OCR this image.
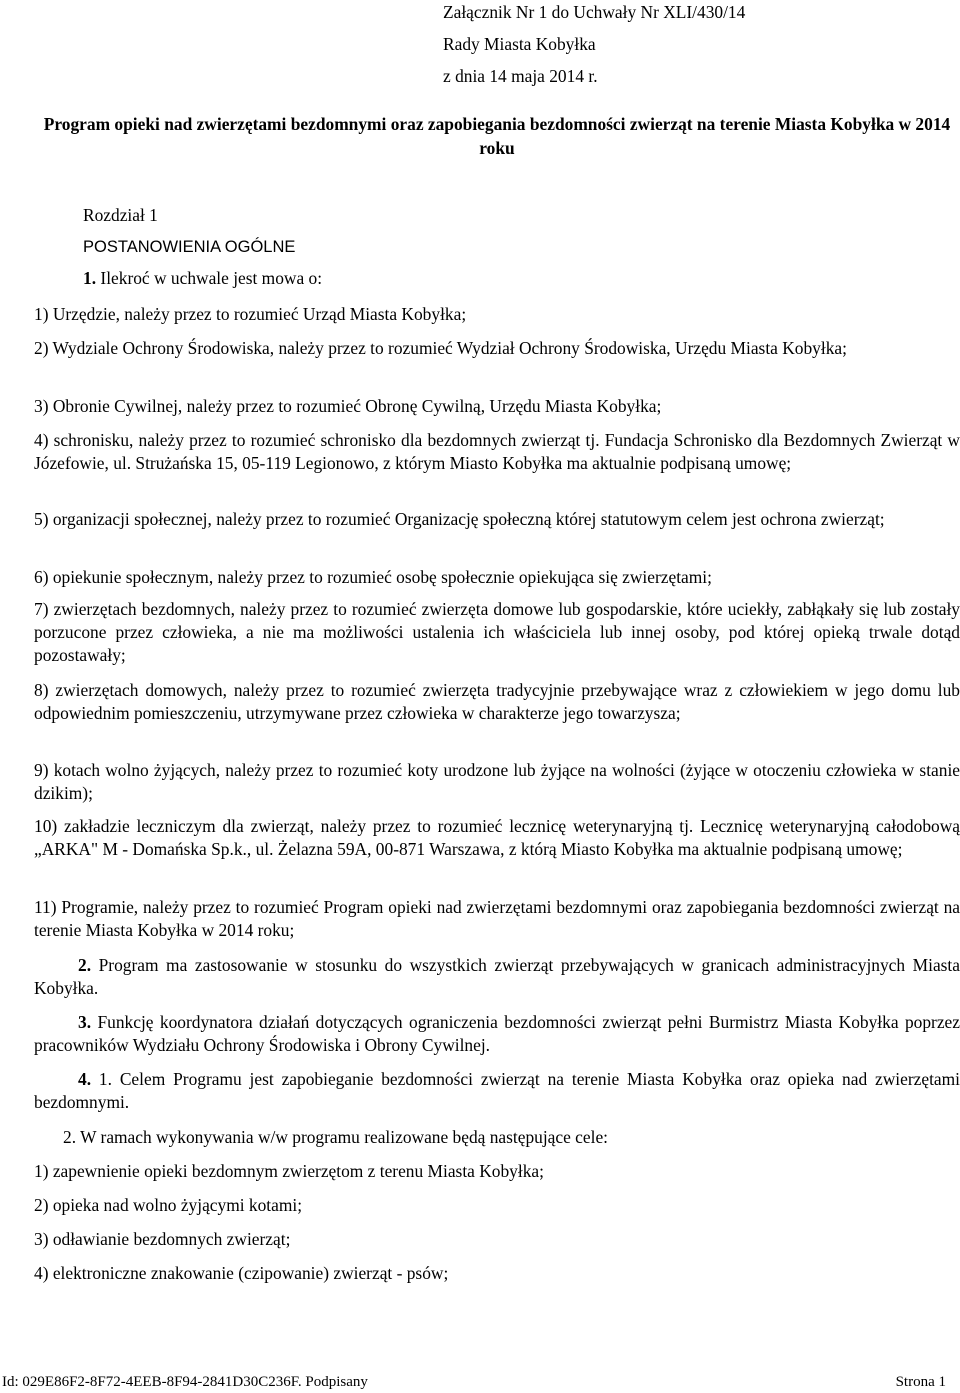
Załącznik Nr 1 do Uchwały Nr XLI/430/14
Rady Miasta Kobyłka
z dnia 14 maja 2014 r.
Program opieki nad zwierzętami bezdomnymi oraz zapobiegania bezdomności zwierząt na terenie Miasta Kobyłka w 2014 roku
Rozdział 1
POSTANOWIENIA OGÓLNE
1. Ilekroć w uchwale jest mowa o:
1) Urzędzie, należy przez to rozumieć Urząd Miasta Kobyłka;
2) Wydziale Ochrony Środowiska, należy przez to rozumieć Wydział Ochrony Środowiska, Urzędu Miasta Kobyłka;
3) Obronie Cywilnej, należy przez to rozumieć Obronę Cywilną, Urzędu Miasta Kobyłka;
4) schronisku, należy przez to rozumieć schronisko dla bezdomnych zwierząt tj. Fundacja Schronisko dla Bezdomnych Zwierząt w Józefowie, ul. Strużańska 15, 05-119 Legionowo, z którym Miasto Kobyłka ma aktualnie podpisaną umowę;
5) organizacji społecznej, należy przez to rozumieć Organizację społeczną której statutowym celem jest ochrona zwierząt;
6) opiekunie społecznym, należy przez to rozumieć osobę społecznie opiekująca się zwierzętami;
7) zwierzętach bezdomnych, należy przez to rozumieć zwierzęta domowe lub gospodarskie, które uciekły, zabłąkały się lub zostały porzucone przez człowieka, a nie ma możliwości ustalenia ich właściciela lub innej osoby, pod której opieką trwale dotąd pozostawały;
8) zwierzętach domowych, należy przez to rozumieć zwierzęta tradycyjnie przebywające wraz z człowiekiem w jego domu lub odpowiednim pomieszczeniu, utrzymywane przez człowieka w charakterze jego towarzysza;
9) kotach wolno żyjących, należy przez to rozumieć koty urodzone lub żyjące na wolności (żyjące w otoczeniu człowieka w stanie dzikim);
10) zakładzie leczniczym dla zwierząt, należy przez to rozumieć lecznicę weterynaryjną tj. Lecznicę weterynaryjną całodobową „ARKA" M - Domańska Sp.k., ul. Żelazna 59A, 00-871 Warszawa, z którą Miasto Kobyłka ma aktualnie podpisaną umowę;
11) Programie, należy przez to rozumieć Program opieki nad zwierzętami bezdomnymi oraz zapobiegania bezdomności zwierząt na terenie Miasta Kobyłka w 2014 roku;
2. Program ma zastosowanie w stosunku do wszystkich zwierząt przebywających w granicach administracyjnych Miasta Kobyłka.
3. Funkcję koordynatora działań dotyczących ograniczenia bezdomności zwierząt pełni Burmistrz Miasta Kobyłka poprzez pracowników Wydziału Ochrony Środowiska i Obrony Cywilnej.
4. 1. Celem Programu jest zapobieganie bezdomności zwierząt na terenie Miasta Kobyłka oraz opieka nad zwierzętami bezdomnymi.
2. W ramach wykonywania w/w programu realizowane będą następujące cele:
1) zapewnienie opieki bezdomnym zwierzętom z terenu Miasta Kobyłka;
2) opieka nad wolno żyjącymi kotami;
3) odławianie bezdomnych zwierząt;
4) elektroniczne znakowanie (czipowanie) zwierząt - psów;
Id: 029E86F2-8F72-4EEB-8F94-2841D30C236F. Podpisany	Strona 1
